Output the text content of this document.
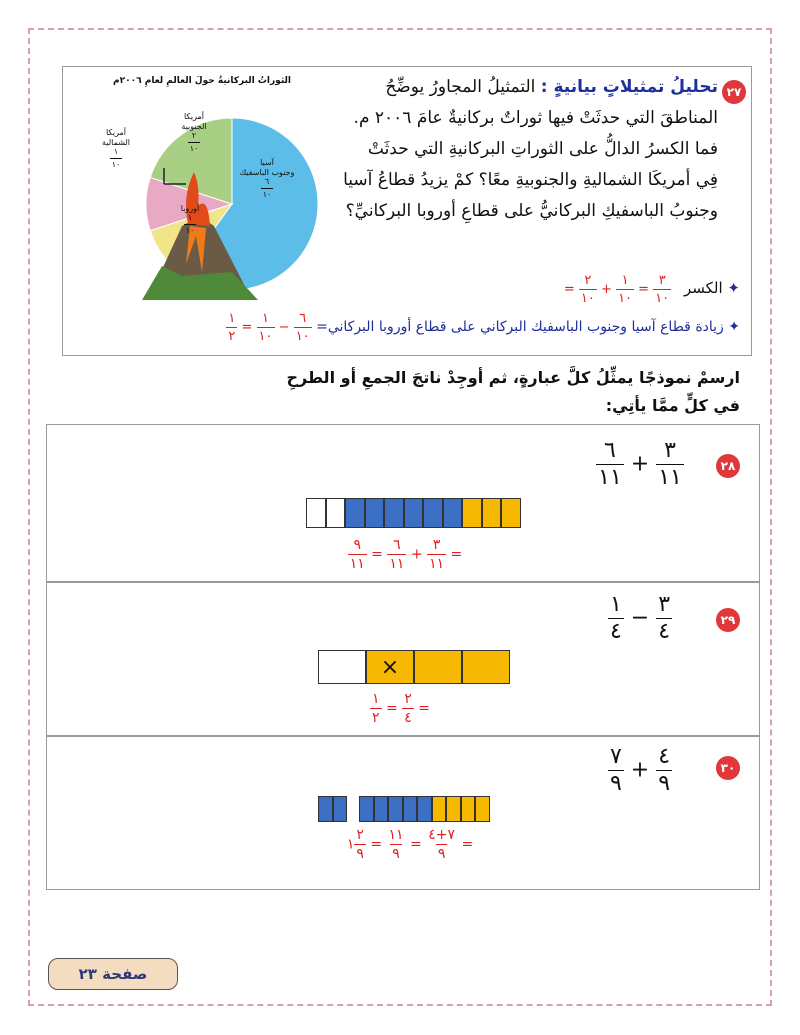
الثوراتُ البركانيةُ حولَ العالمِ لعامِ ٢٠٠٦م
آسيا
وجنوب الباسفيك
$\frac{٦}{١٠}$
أمريكا
الجنوبية
$\frac{٢}{١٠}$
أمريكا
الشمالية
$\frac{١}{١٠}$
أوروبا
$\frac{١}{١٠}$
٢٧
تحليلُ تمثيلاتٍ بيانيةٍ : التمثيلُ المجاورُ يوضِّحُ
المناطقَ التي حدثَتْ فيها ثوراتٌ بركانيةٌ عامَ ٢٠٠٦ م.
فما الكسرُ الدالُّ على الثوراتِ البركانيةِ التي حدثَتْ
فِي أمريكَا الشماليةِ والجنوبيةِ معًا؟ كمْ يزيدُ قطاعُ آسيا
وجنوبُ الباسفيكِ البركانيُّ على قطاعِ أوروبا البركانيِّ؟
✦ الكسر
$\frac{٣}{١٠}$
=
$\frac{١}{١٠}$
+
$\frac{٢}{١٠}$
=
✦ زيادة قطاع آسيا وجنوب الباسفيك البركاني على قطاع أوروبا البركاني=
$\frac{٦}{١٠}$
−
$\frac{١}{١٠}$
=
$\frac{١}{٢}$
ارسمْ نموذجًا يمثِّلُ كلَّ عبارةٍ، ثم أوجِدْ ناتجَ الجمعِ أو الطرحِ
في كلٍّ ممَّا يأتِي:
٢٨
$\frac{٦}{١١} + \frac{٣}{١١}$
$\frac{٩}{١١} = \frac{٦}{١١} + \frac{٣}{١١}$ =
٢٩
$\frac{١}{٤} - \frac{٣}{٤}$
×
$\frac{١}{٢} = \frac{٢}{٤}$ =
٣٠
$\frac{٧}{٩} + \frac{٤}{٩}$
١ $\frac{٢}{٩} = \frac{١١}{٩} = \frac{٧+٤}{٩}$ =
صفحة ٢٣
